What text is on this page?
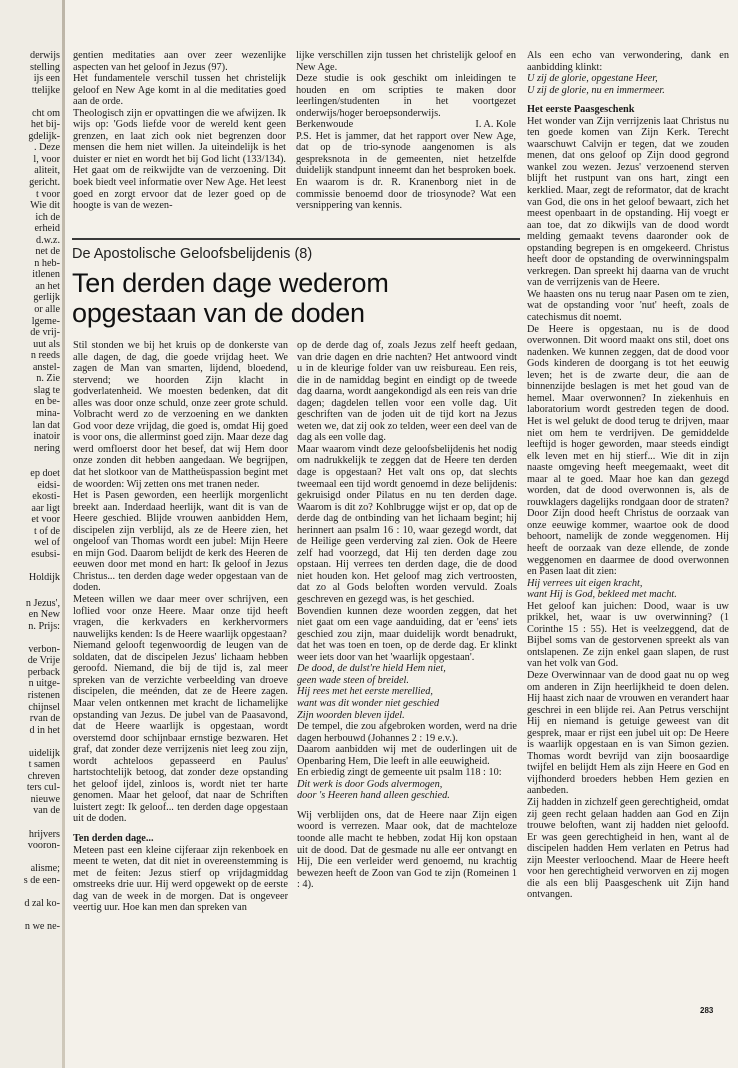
derwijs
stelling
ijs een
ttelijke

cht om
het bij-
gdelijk-
. Deze
l, voor
aliteit,
gericht.
t voor
Wie dit
ich de
erheid
d.w.z.
net de
n heb-
itlenen
an het
gerlijk
or alle
lgeme-
de vrij-
uut als
n reeds
anstel-
n. Zie
slag te
en be-
mina-
lan dat
inatoir
nering
ep doet
eidsi-
ekosti-
aar ligt
et voor
t of de
wel of
esubsi-

Holdijk
n Jezus',
en New
n. Prijs:

verbon-
de Vrije
perback
n uitge-
ristenen
chijnsel
rvan de
d in het

uidelijk
t samen
chreven
ters cul-
nieuwe
van de

hrijvers
vooron-

alisme;
s de een-

d zal ko-

n we ne-

gentien meditaties aan over zeer wezenlijke aspecten van het geloof in Jezus (97).
Het fundamentele verschil tussen het christelijk geloof en New Age komt in al die meditaties goed aan de orde.
Theologisch zijn er opvattingen die we afwijzen. Ik wijs op: 'Gods liefde voor de wereld kent geen grenzen, en laat zich ook niet begrenzen door mensen die hem niet willen. Ja uiteindelijk is het duister er niet en wordt het bij God licht (133/134). Het gaat om de reikwijdte van de verzoening. Dit boek biedt veel informatie over New Age. Het leest goed en zorgt ervoor dat de lezer goed op de hoogte is van de wezen-

lijke verschillen zijn tussen het christelijk geloof en New Age.
Deze studie is ook geschikt om inleidingen te houden en om scripties te maken door leerlingen/studenten in het voortgezet onderwijs/hoger beroepsonderwijs.

Berkenwoude	I. A. Kole

P.S. Het is jammer, dat het rapport over New Age, dat op de trio-synode aangenomen is als gespreksnota in de gemeenten, niet hetzelfde duidelijk standpunt inneemt dan het besproken boek. En waarom is dr. R. Kranenborg niet in de commissie benoemd door de triosynode? Wat een versnippering van kennis.

De Apostolische Geloofsbelijdenis (8)
Ten derden dage wederom
opgestaan van de doden

Stil stonden we bij het kruis op de donkerste van alle dagen, de dag, die goede vrijdag heet. We zagen de Man van smarten, lijdend, bloedend, stervend; we hoorden Zijn klacht in godverlatenheid. We moesten bedenken, dat dit alles was door onze schuld, onze zeer grote schuld. Volbracht werd zo de verzoening en we dankten God voor deze vrijdag, die goed is, omdat Hij goed is voor ons, die allerminst goed zijn. Maar deze dag werd omfloerst door het besef, dat wij Hem door onze zonden dit hebben aangedaan. We begrijpen, dat het slotkoor van de Mattheüspassion begint met de woorden: Wij zetten ons met tranen neder.

Het is Pasen geworden, een heerlijk morgenlicht breekt aan. Inderdaad heerlijk, want dit is van de Heere geschied. Blijde vrouwen aanbidden Hem, discipelen zijn verblijd, als ze de Heere zien, het ongeloof van Thomas wordt een jubel: Mijn Heere en mijn God. Daarom belijdt de kerk des Heeren de eeuwen door met mond en hart: Ik geloof in Jezus Christus... ten derden dage weder opgestaan van de doden.

Meteen willen we daar meer over schrijven, een loflied voor onze Heere. Maar onze tijd heeft vragen, die kerkvaders en kerkhervormers nauwelijks kenden: Is de Heere waarlijk opgestaan?

Niemand gelooft tegenwoordig de leugen van de soldaten, dat de discipelen Jezus' lichaam hebben geroofd. Niemand, die bij de tijd is, zal meer spreken van de verzichte verbeelding van droeve discipelen, die meénden, dat ze de Heere zagen. Maar velen ontkennen met kracht de lichamelijke opstanding van Jezus. De jubel van de Paasavond, dat de Heere waarlijk is opgestaan, wordt overstemd door schijnbaar ernstige bezwaren. Het graf, dat zonder deze verrijzenis niet leeg zou zijn, wordt achteloos gepasseerd en Paulus' hartstochtelijk betoog, dat zonder deze opstanding het geloof ijdel, zinloos is, wordt niet ter harte genomen. Maar het geloof, dat naar de Schriften luistert zegt: Ik geloof... ten derden dage opgestaan uit de doden.

Ten derden dage...

Meteen past een kleine cijferaar zijn rekenboek en meent te weten, dat dit niet in overeenstemming is met de feiten: Jezus stierf op vrijdagmiddag omstreeks drie uur. Hij werd opgewekt op de eerste dag van de week in de morgen. Dat is ongeveer veertig uur. Hoe kan men dan spreken van

op de derde dag of, zoals Jezus zelf heeft gedaan, van drie dagen en drie nachten? Het antwoord vindt u in de kleurige folder van uw reisbureau. Een reis, die in de namiddag begint en eindigt op de tweede dag daarna, wordt aangekondigd als een reis van drie dagen; dagdelen tellen voor een volle dag. Uit geschriften van de joden uit de tijd kort na Jezus weten we, dat zij ook zo telden, weer een deel van de dag als een volle dag.

Maar waarom vindt deze geloofsbelijdenis het nodig om nadrukkelijk te zeggen dat de Heere ten derden dage is opgestaan? Het valt ons op, dat slechts tweemaal een tijd wordt genoemd in deze belijdenis: gekruisigd onder Pilatus en nu ten derden dage. Waarom is dit zo? Kohlbrugge wijst er op, dat op de derde dag de ontbinding van het lichaam begint; hij herinnert aan psalm 16 : 10, waar gezegd wordt, dat de Heilige geen verderving zal zien. Ook de Heere zelf had voorzegd, dat Hij ten derden dage zou opstaan. Hij verrees ten derden dage, die de dood niet houden kon. Het geloof mag zich vertroosten, dat zo al Gods beloften worden vervuld. Zoals geschreven en gezegd was, is het geschied.

Bovendien kunnen deze woorden zeggen, dat het niet gaat om een vage aanduiding, dat er 'eens' iets geschied zou zijn, maar duidelijk wordt benadrukt, dat het was toen en toen, op de derde dag. Er klinkt weer iets door van het 'waarlijk opgestaan'.

De dood, de dulst're hield Hem niet,
geen wade steen of breidel.
Hij rees met het eerste merellied,
want was dit wonder niet geschied
Zijn woorden bleven ijdel.

De tempel, die zou afgebroken worden, werd na drie dagen herbouwd (Johannes 2 : 19 e.v.).

Daarom aanbidden wij met de ouderlingen uit de Openbaring Hem, Die leeft in alle eeuwigheid.

En erbiedig zingt de gemeente uit psalm 118 : 10:

Dit werk is door Gods alvermogen,
door 's Heeren hand alleen geschied.

Wij verblijden ons, dat de Heere naar Zijn eigen woord is verrezen. Maar ook, dat de machteloze toonde alle macht te hebben, zodat Hij kon opstaan uit de dood. Dat de gesmade nu alle eer ontvangt en Hij, Die een verleider werd genoemd, nu krachtig bewezen heeft de Zoon van God te zijn (Romeinen 1 : 4).

Als een echo van verwondering, dank en aanbidding klinkt:

U zij de glorie, opgestane Heer,
U zij de glorie, nu en immermeer.

Het eerste Paasgeschenk

Het wonder van Zijn verrijzenis laat Christus nu ten goede komen van Zijn Kerk. Terecht waarschuwt Calvijn er tegen, dat we zouden menen, dat ons geloof op Zijn dood gegrond wankel zou wezen. Jezus' verzoenend sterven blijft het rustpunt van ons hart, zingt een kerklied. Maar, zegt de reformator, dat de kracht van God, die ons in het geloof bewaart, zich het meest openbaart in de opstanding. Hij voegt er aan toe, dat zo dikwijls van de dood wordt melding gemaakt tevens daaronder ook de opstanding begrepen is en omgekeerd. Christus heeft door de opstanding de overwinningspalm verkregen. Dan spreekt hij daarna van de vrucht van de verrijzenis van de Heere.

We haasten ons nu terug naar Pasen om te zien, wat de opstanding voor 'nut' heeft, zoals de catechismus dit noemt.

De Heere is opgestaan, nu is de dood overwonnen. Dit woord maakt ons stil, doet ons nadenken. We kunnen zeggen, dat de dood voor Gods kinderen de doorgang is tot het eeuwig leven; het is de zwarte deur, die aan de binnenzijde beslagen is met het goud van de hemel. Maar overwonnen? In ziekenhuis en laboratorium wordt gestreden tegen de dood. Het is wel gelukt de dood terug te drijven, maar niet om hem te verdrijven. De gemiddelde leeftijd is hoger geworden, maar steeds eindigt elk leven met en hij stierf... Wie dit in zijn naaste omgeving heeft meegemaakt, weet dit maar al te goed. Maar hoe kan dan gezegd worden, dat de dood overwonnen is, als de rouwklagers dagelijks rondgaan door de straten? Door Zijn dood heeft Christus de oorzaak van onze eeuwige kommer, waartoe ook de dood behoort, namelijk de zonde weggenomen. Hij heeft de oorzaak van deze ellende, de zonde weggenomen en daarmee de dood overwonnen en Pasen laat dit zien:

Hij verrees uit eigen kracht,
want Hij is God, bekleed met macht.

Het geloof kan juichen: Dood, waar is uw prikkel, het, waar is uw overwinning? (1 Corinthe 15 : 55). Het is veelzeggend, dat de Bijbel soms van de gestorvenen spreekt als van ontslapenen. Ze zijn enkel gaan slapen, de rust van het volk van God.

Deze Overwinnaar van de dood gaat nu op weg om anderen in Zijn heerlijkheid te doen delen. Hij haast zich naar de vrouwen en verandert haar geschrei in een blijde rei. Aan Petrus verschijnt Hij en niemand is getuige geweest van dit gesprek, maar er rijst een jubel uit op: De Heere is waarlijk opgestaan en is van Simon gezien. Thomas wordt bevrijd van zijn boosaardige twijfel en belijdt Hem als zijn Heere en God en vijfhonderd broeders hebben Hem gezien en aanbeden.

Zij hadden in zichzelf geen gerechtigheid, omdat zij geen recht gelaan hadden aan God en Zijn trouwe beloften, want zij hadden niet geloofd. Er was geen gerechtigheid in hen, want al de discipelen hadden Hem verlaten en Petrus had zijn Meester verloochend. Maar de Heere heeft voor hen gerechtigheid verworven en zij mogen die als een blij Paasgeschenk uit Zijn hand ontvangen.

283
